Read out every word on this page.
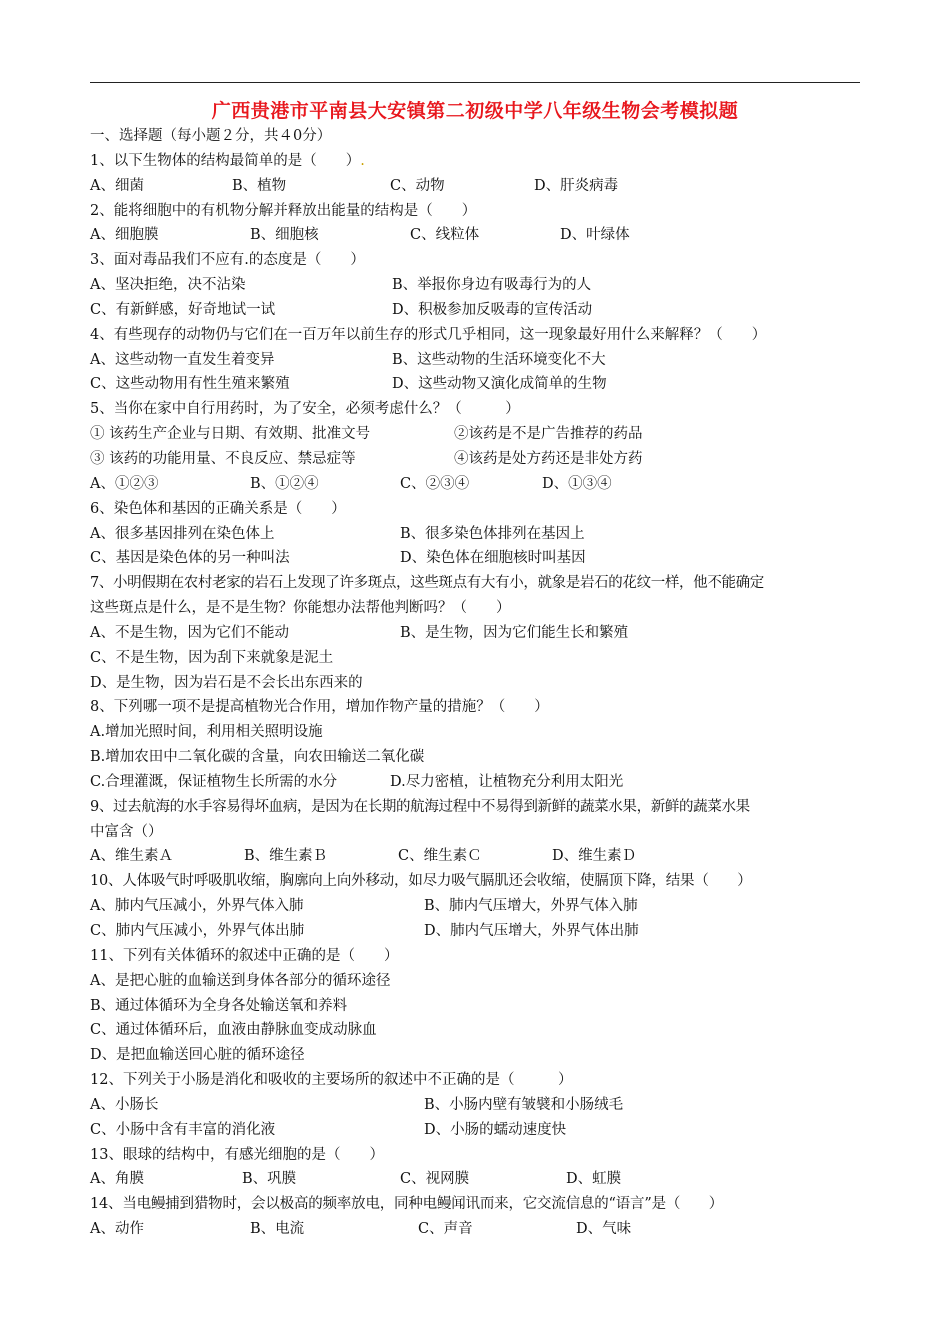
广西贵港市平南县大安镇第二初级中学八年级生物会考模拟题
一、选择题（每小题２分，共４0分）
1、以下生物体的结构最简单的是（　　）.
A、细菌	B、植物	C、动物	D、肝炎病毒
2、能将细胞中的有机物分解并释放出能量的结构是（　　）
A、细胞膜	B、细胞核	C、线粒体	D、叶绿体
3、面对毒品我们不应有.的态度是（　　）
A、坚决拒绝，决不沾染	B、举报你身边有吸毒行为的人
C、有新鲜感，好奇地试一试	D、积极参加反吸毒的宣传活动
4、有些现存的动物仍与它们在一百万年以前生存的形式几乎相同，这一现象最好用什么来解释？（　　）
A、这些动物一直发生着变异	B、这些动物的生活环境变化不大
C、这些动物用有性生殖来繁殖	D、这些动物又演化成简单的生物
5、当你在家中自行用药时，为了安全，必须考虑什么？（　　　）
① 该药生产企业与日期、有效期、批准文号	②该药是不是广告推荐的药品
③ 该药的功能用量、不良反应、禁忌症等	④该药是处方药还是非处方药
A、①②③	B、①②④	C、②③④	D、①③④
6、染色体和基因的正确关系是（　　）
A、很多基因排列在染色体上	B、很多染色体排列在基因上
C、基因是染色体的另一种叫法	D、染色体在细胞核时叫基因
7、小明假期在农村老家的岩石上发现了许多斑点，这些斑点有大有小，就象是岩石的花纹一样，他不能确定
这些斑点是什么，是不是生物？你能想办法帮他判断吗？（　　）
A、不是生物，因为它们不能动	B、是生物，因为它们能生长和繁殖
C、不是生物，因为刮下来就象是泥土
D、是生物，因为岩石是不会长出东西来的
8、下列哪一项不是提高植物光合作用，增加作物产量的措施？（　　）
A.增加光照时间，利用相关照明设施
B.增加农田中二氧化碳的含量，向农田输送二氧化碳
C.合理灌溉，保证植物生长所需的水分	D.尽力密植，让植物充分利用太阳光
9、过去航海的水手容易得坏血病，是因为在长期的航海过程中不易得到新鲜的蔬菜水果，新鲜的蔬菜水果
中富含（）
A、维生素Ａ	B、维生素Ｂ	C、维生素Ｃ	D、维生素Ｄ
10、人体吸气时呼吸肌收缩，胸廓向上向外移动，如尽力吸气膈肌还会收缩，使膈顶下降，结果（　　）
A、肺内气压减小，外界气体入肺	B、肺内气压增大，外界气体入肺
C、肺内气压减小，外界气体出肺	D、肺内气压增大，外界气体出肺
11、下列有关体循环的叙述中正确的是（　　）
A、是把心脏的血输送到身体各部分的循环途径
B、通过体循环为全身各处输送氧和养料
C、通过体循环后，血液由静脉血变成动脉血
D、是把血输送回心脏的循环途径
12、下列关于小肠是消化和吸收的主要场所的叙述中不正确的是（　　　）
A、小肠长	B、小肠内壁有皱襞和小肠绒毛
C、小肠中含有丰富的消化液	D、小肠的蠕动速度快
13、眼球的结构中，有感光细胞的是（　　）
A、角膜	B、巩膜	C、视网膜	D、虹膜
14、当电鳗捕到猎物时，会以极高的频率放电，同种电鳗闻讯而来，它交流信息的“语言”是（　　）
A、动作	B、电流	C、声音	D、气味
